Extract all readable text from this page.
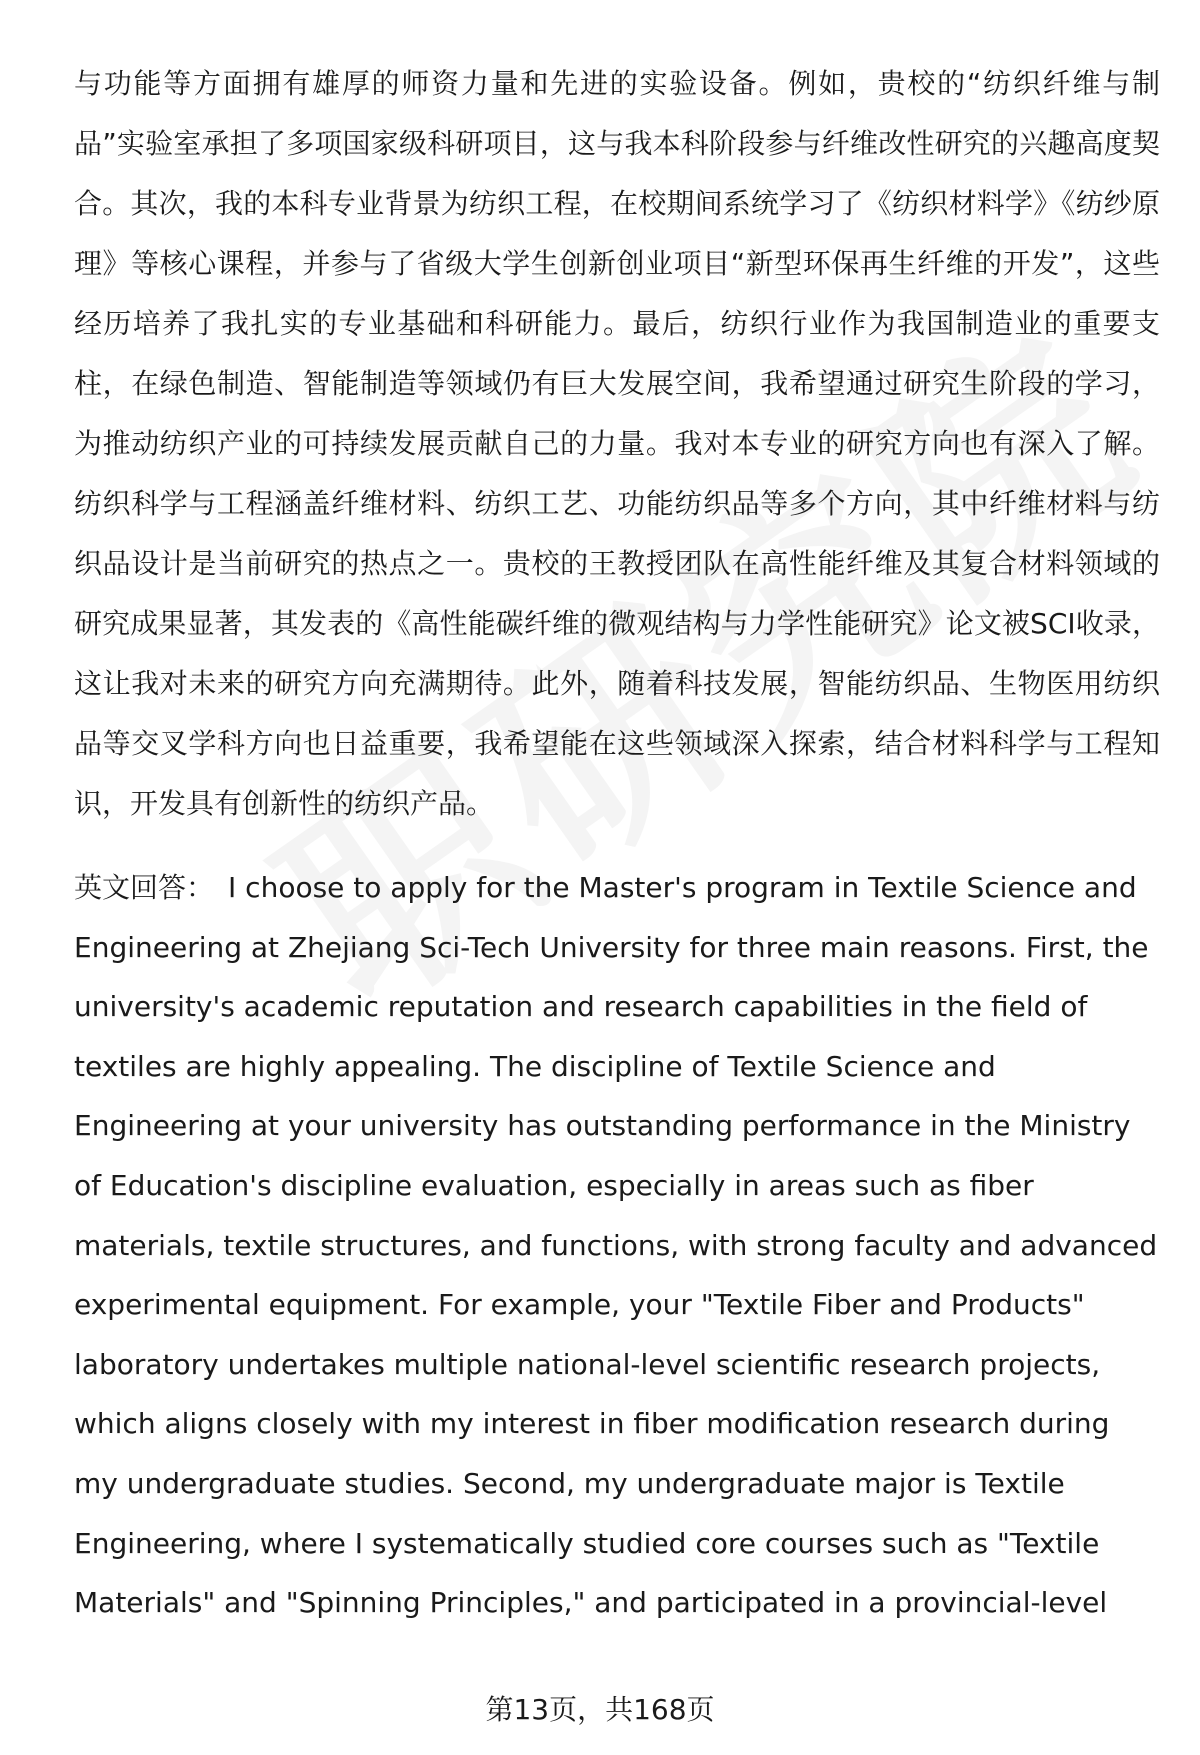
与功能等方面拥有雄厚的师资力量和先进的实验设备。例如，贵校的“纺织纤维与制品”实验室承担了多项国家级科研项目，这与我本科阶段参与纤维改性研究的兴趣高度契合。其次，我的本科专业背景为纺织工程，在校期间系统学习了《纺织材料学》《纺纱原理》等核心课程，并参与了省级大学生创新创业项目“新型环保再生纤维的开发”，这些经历培养了我扎实的专业基础和科研能力。最后，纺织行业作为我国制造业的重要支柱，在绿色制造、智能制造等领域仍有巨大发展空间，我希望通过研究生阶段的学习，为推动纺织产业的可持续发展贡献自己的力量。我对本专业的研究方向也有深入了解。纺织科学与工程涵盖纤维材料、纺织工艺、功能纺织品等多个方向，其中纤维材料与纺织品设计是当前研究的热点之一。贵校的王教授团队在高性能纤维及其复合材料领域的研究成果显著，其发表的《高性能碳纤维的微观结构与力学性能研究》论文被SCI收录，这让我对未来的研究方向充满期待。此外，随着科技发展，智能纺织品、生物医用纺织品等交叉学科方向也日益重要，我希望能在这些领域深入探索，结合材料科学与工程知识，开发具有创新性的纺织产品。

英文回答： I choose to apply for the Master's program in Textile Science and Engineering at Zhejiang Sci-Tech University for three main reasons. First, the university's academic reputation and research capabilities in the field of textiles are highly appealing. The discipline of Textile Science and Engineering at your university has outstanding performance in the Ministry of Education's discipline evaluation, especially in areas such as fiber materials, textile structures, and functions, with strong faculty and advanced experimental equipment. For example, your "Textile Fiber and Products" laboratory undertakes multiple national-level scientific research projects, which aligns closely with my interest in fiber modification research during my undergraduate studies. Second, my undergraduate major is Textile Engineering, where I systematically studied core courses such as "Textile Materials" and "Spinning Principles," and participated in a provincial-level

第13页，共168页
